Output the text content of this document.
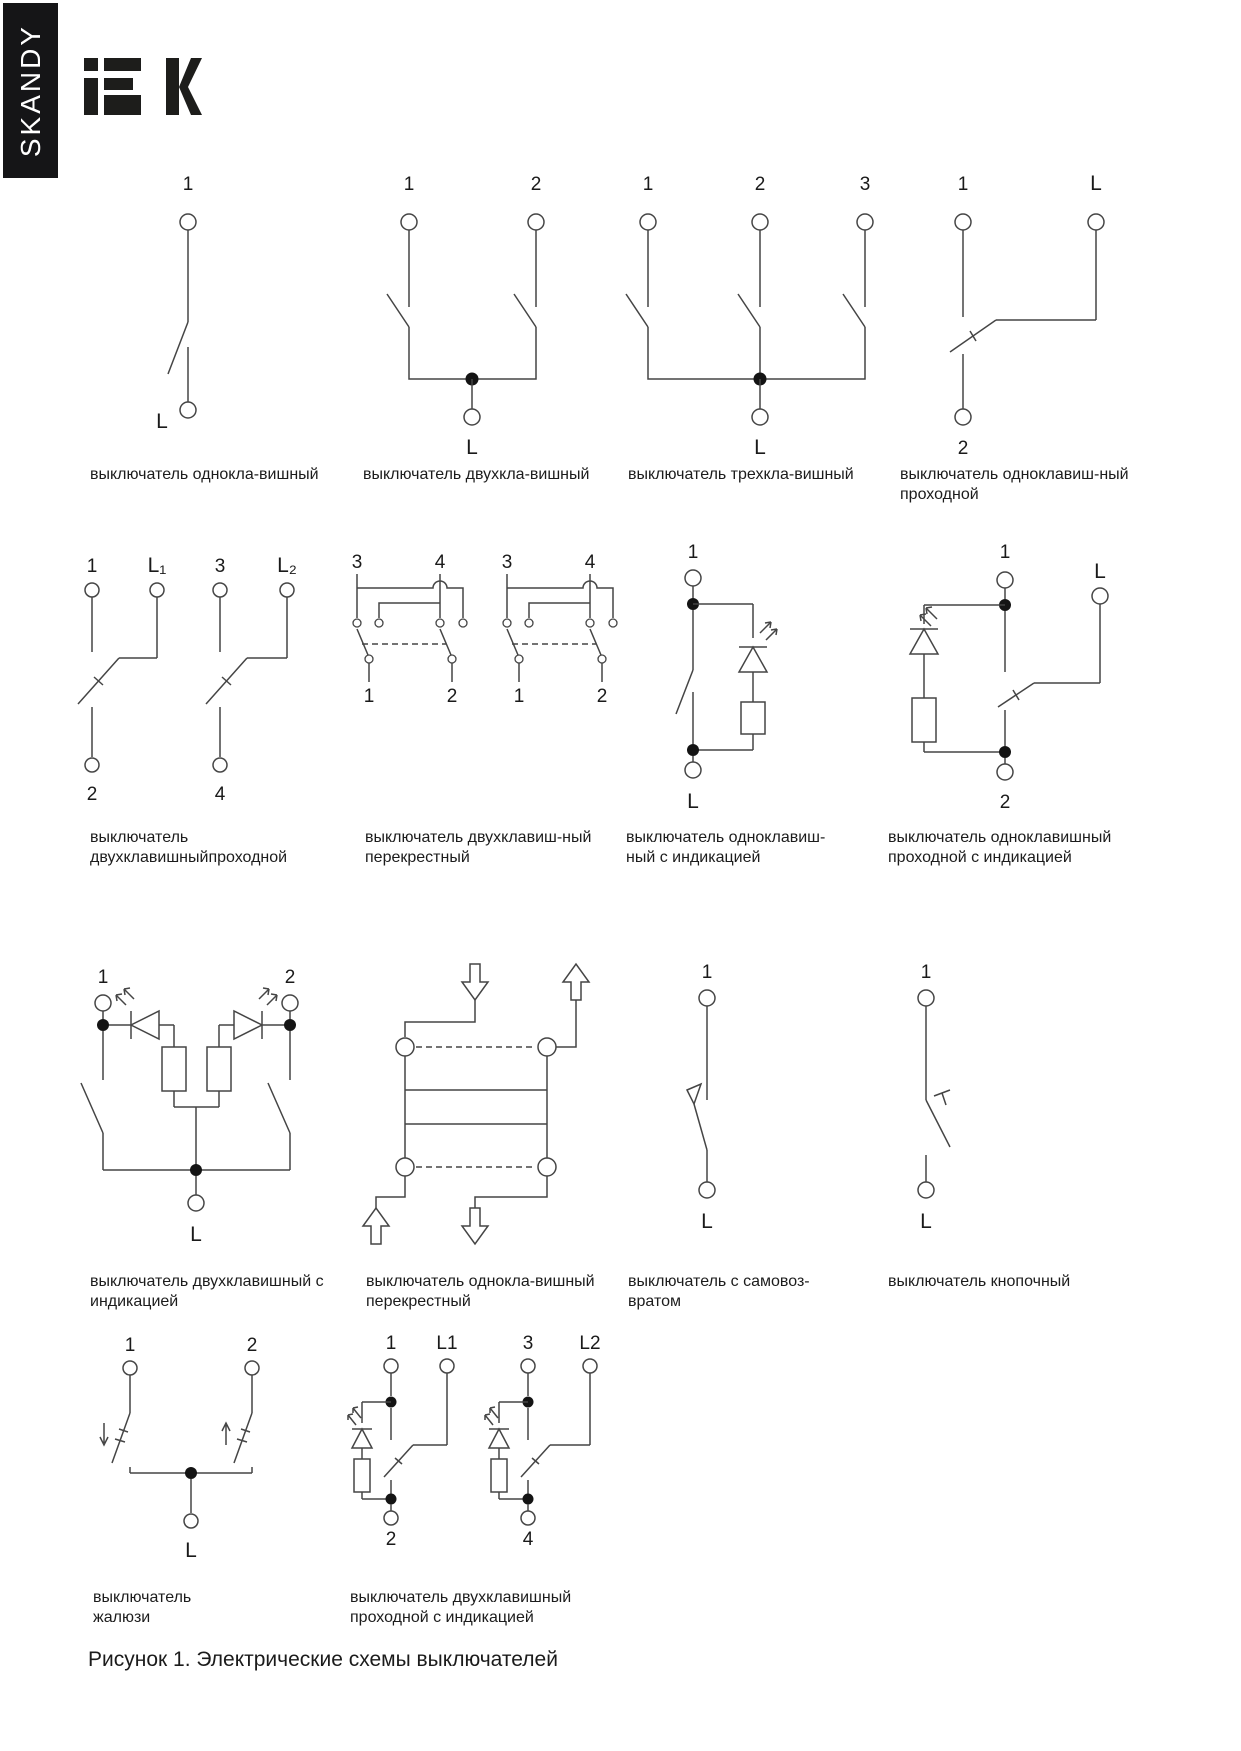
SKANDY
1
L
1	2
L
1	2	3
L
1	L
2
1 L₁	3 L₂
2	4
3	4
1	2
3	4
1	2
1
L
1
L
2
1	2
L
1
L
1
L
1	2
L
1 L1
2
3 L2
4
выключатель однокла-вишный	выключатель двухкла-вишный	выключатель трехкла-вишный	выключатель одноклавиш-ный
проходной
выключатель
двухклавишныйпроходной
выключатель двухклавиш-ный
перекрестный
выключатель одноклавиш-
ный с индикацией
выключатель одноклавишный
проходной с индикацией
выключатель двухклавишный с
индикацией
выключатель однокла-вишный
перекрестный
выключатель с самовоз-
вратом
выключатель кнопочный
выключатель
жалюзи
выключатель двухклавишный
проходной с индикацией
Рисунок 1. Электрические схемы выключателей
